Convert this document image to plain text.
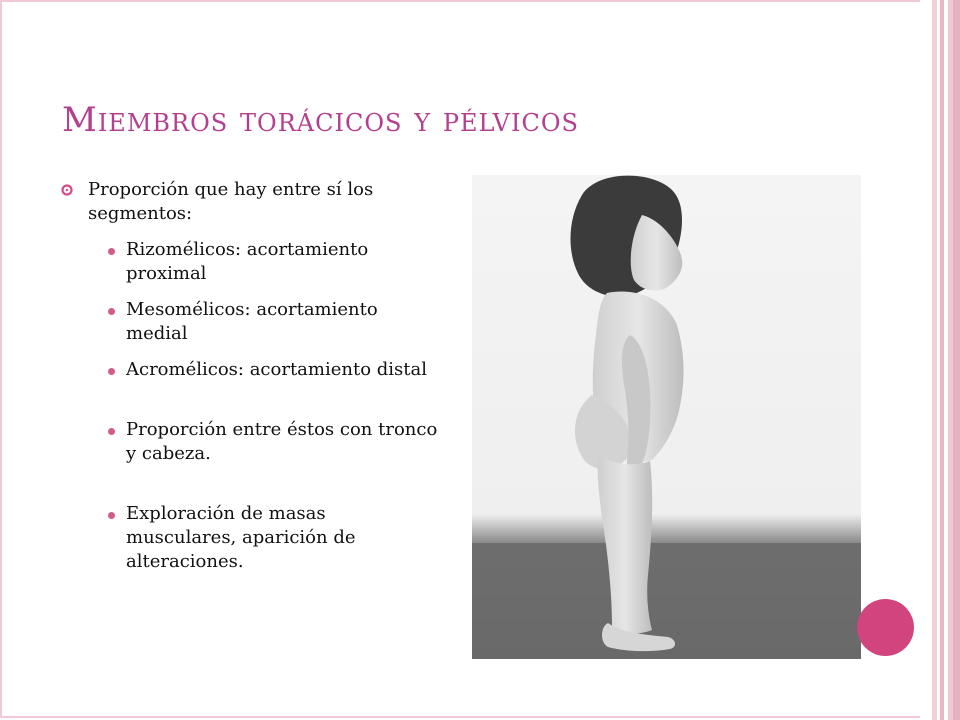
Miembros torácicos y pélvicos
Proporción que hay entre sí los segmentos:
Rizomélicos: acortamiento proximal
Mesomélicos: acortamiento medial
Acromélicos: acortamiento distal
Proporción entre éstos con tronco y cabeza.
Exploración de masas musculares, aparición de alteraciones.
